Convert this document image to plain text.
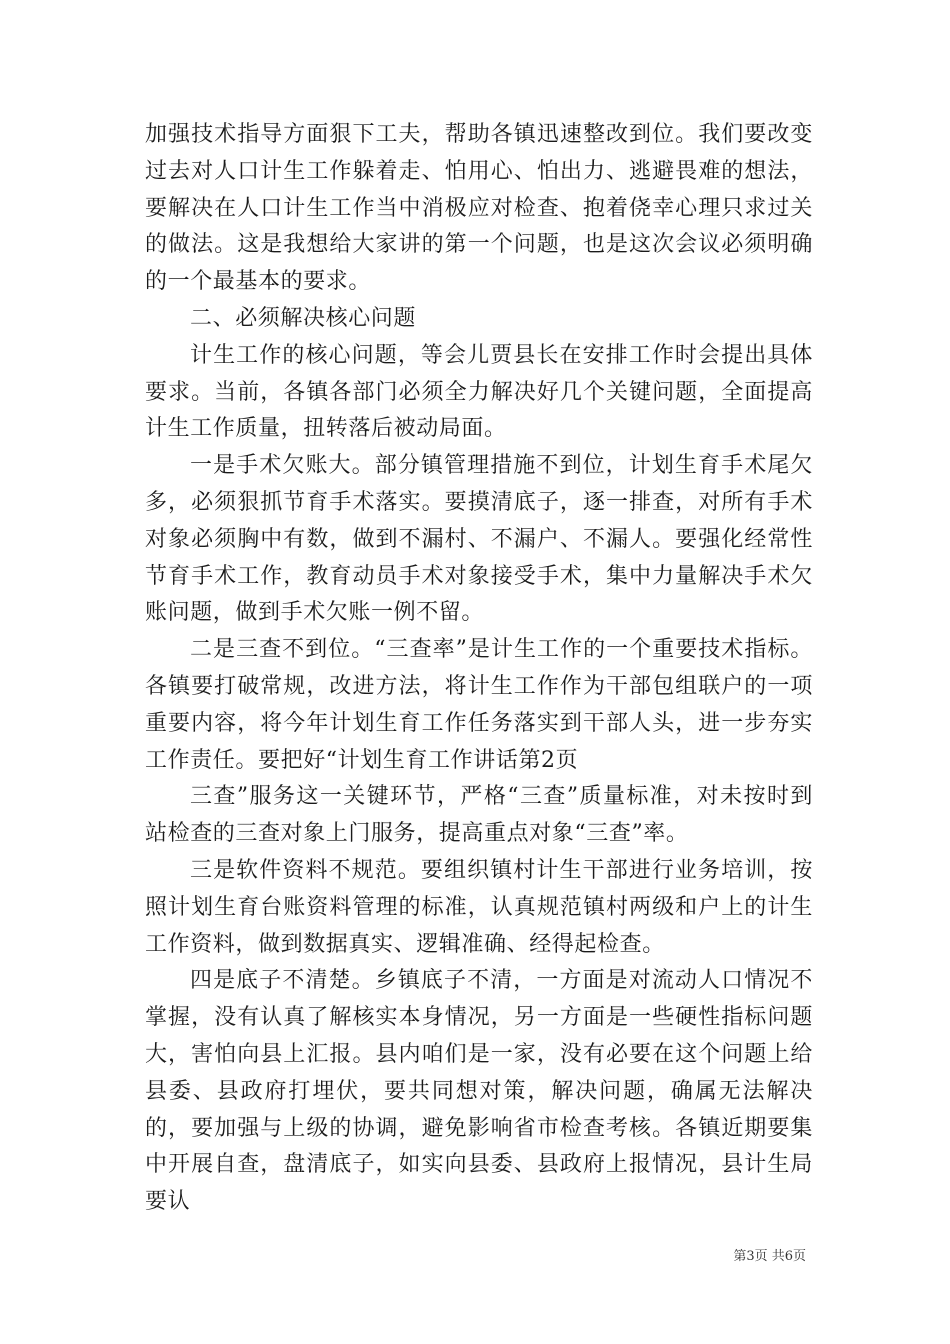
加强技术指导方面狠下工夫，帮助各镇迅速整改到位。我们要改变过去对人口计生工作躲着走、怕用心、怕出力、逃避畏难的想法，要解决在人口计生工作当中消极应对检查、抱着侥幸心理只求过关的做法。这是我想给大家讲的第一个问题，也是这次会议必须明确的一个最基本的要求。

二、必须解决核心问题

计生工作的核心问题，等会儿贾县长在安排工作时会提出具体要求。当前，各镇各部门必须全力解决好几个关键问题，全面提高计生工作质量，扭转落后被动局面。

一是手术欠账大。部分镇管理措施不到位，计划生育手术尾欠多，必须狠抓节育手术落实。要摸清底子，逐一排查，对所有手术对象必须胸中有数，做到不漏村、不漏户、不漏人。要强化经常性节育手术工作，教育动员手术对象接受手术，集中力量解决手术欠账问题，做到手术欠账一例不留。

二是三查不到位。“三查率”是计生工作的一个重要技术指标。各镇要打破常规，改进方法，将计生工作作为干部包组联户的一项重要内容，将今年计划生育工作任务落实到干部人头，进一步夯实工作责任。要把好“计划生育工作讲话第2页

三查”服务这一关键环节，严格“三查”质量标准，对未按时到站检查的三查对象上门服务，提高重点对象“三查”率。

三是软件资料不规范。要组织镇村计生干部进行业务培训，按照计划生育台账资料管理的标准，认真规范镇村两级和户上的计生工作资料，做到数据真实、逻辑准确、经得起检查。

四是底子不清楚。乡镇底子不清，一方面是对流动人口情况不掌握，没有认真了解核实本身情况，另一方面是一些硬性指标问题大，害怕向县上汇报。县内咱们是一家，没有必要在这个问题上给县委、县政府打埋伏，要共同想对策，解决问题，确属无法解决的，要加强与上级的协调，避免影响省市检查考核。各镇近期要集中开展自查，盘清底子，如实向县委、县政府上报情况，县计生局要认

第3页 共6页
